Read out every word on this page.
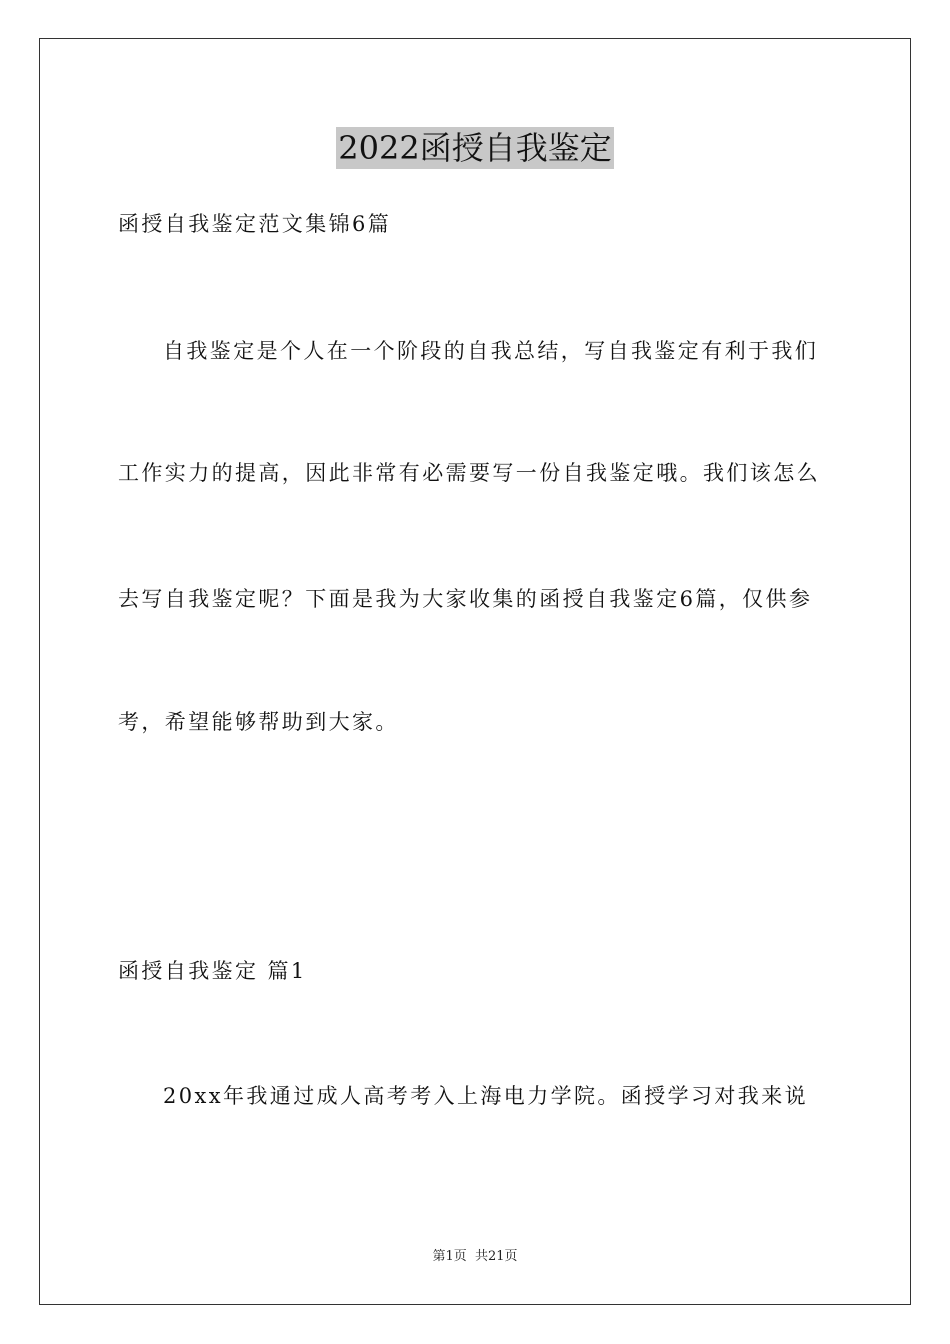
2022函授自我鉴定
函授自我鉴定范文集锦6篇
自我鉴定是个人在一个阶段的自我总结，写自我鉴定有利于我们
工作实力的提高，因此非常有必需要写一份自我鉴定哦。我们该怎么
去写自我鉴定呢？下面是我为大家收集的函授自我鉴定6篇，仅供参
考，希望能够帮助到大家。
函授自我鉴定 篇1
20xx年我通过成人高考考入上海电力学院。函授学习对我来说
第1页 共21页
